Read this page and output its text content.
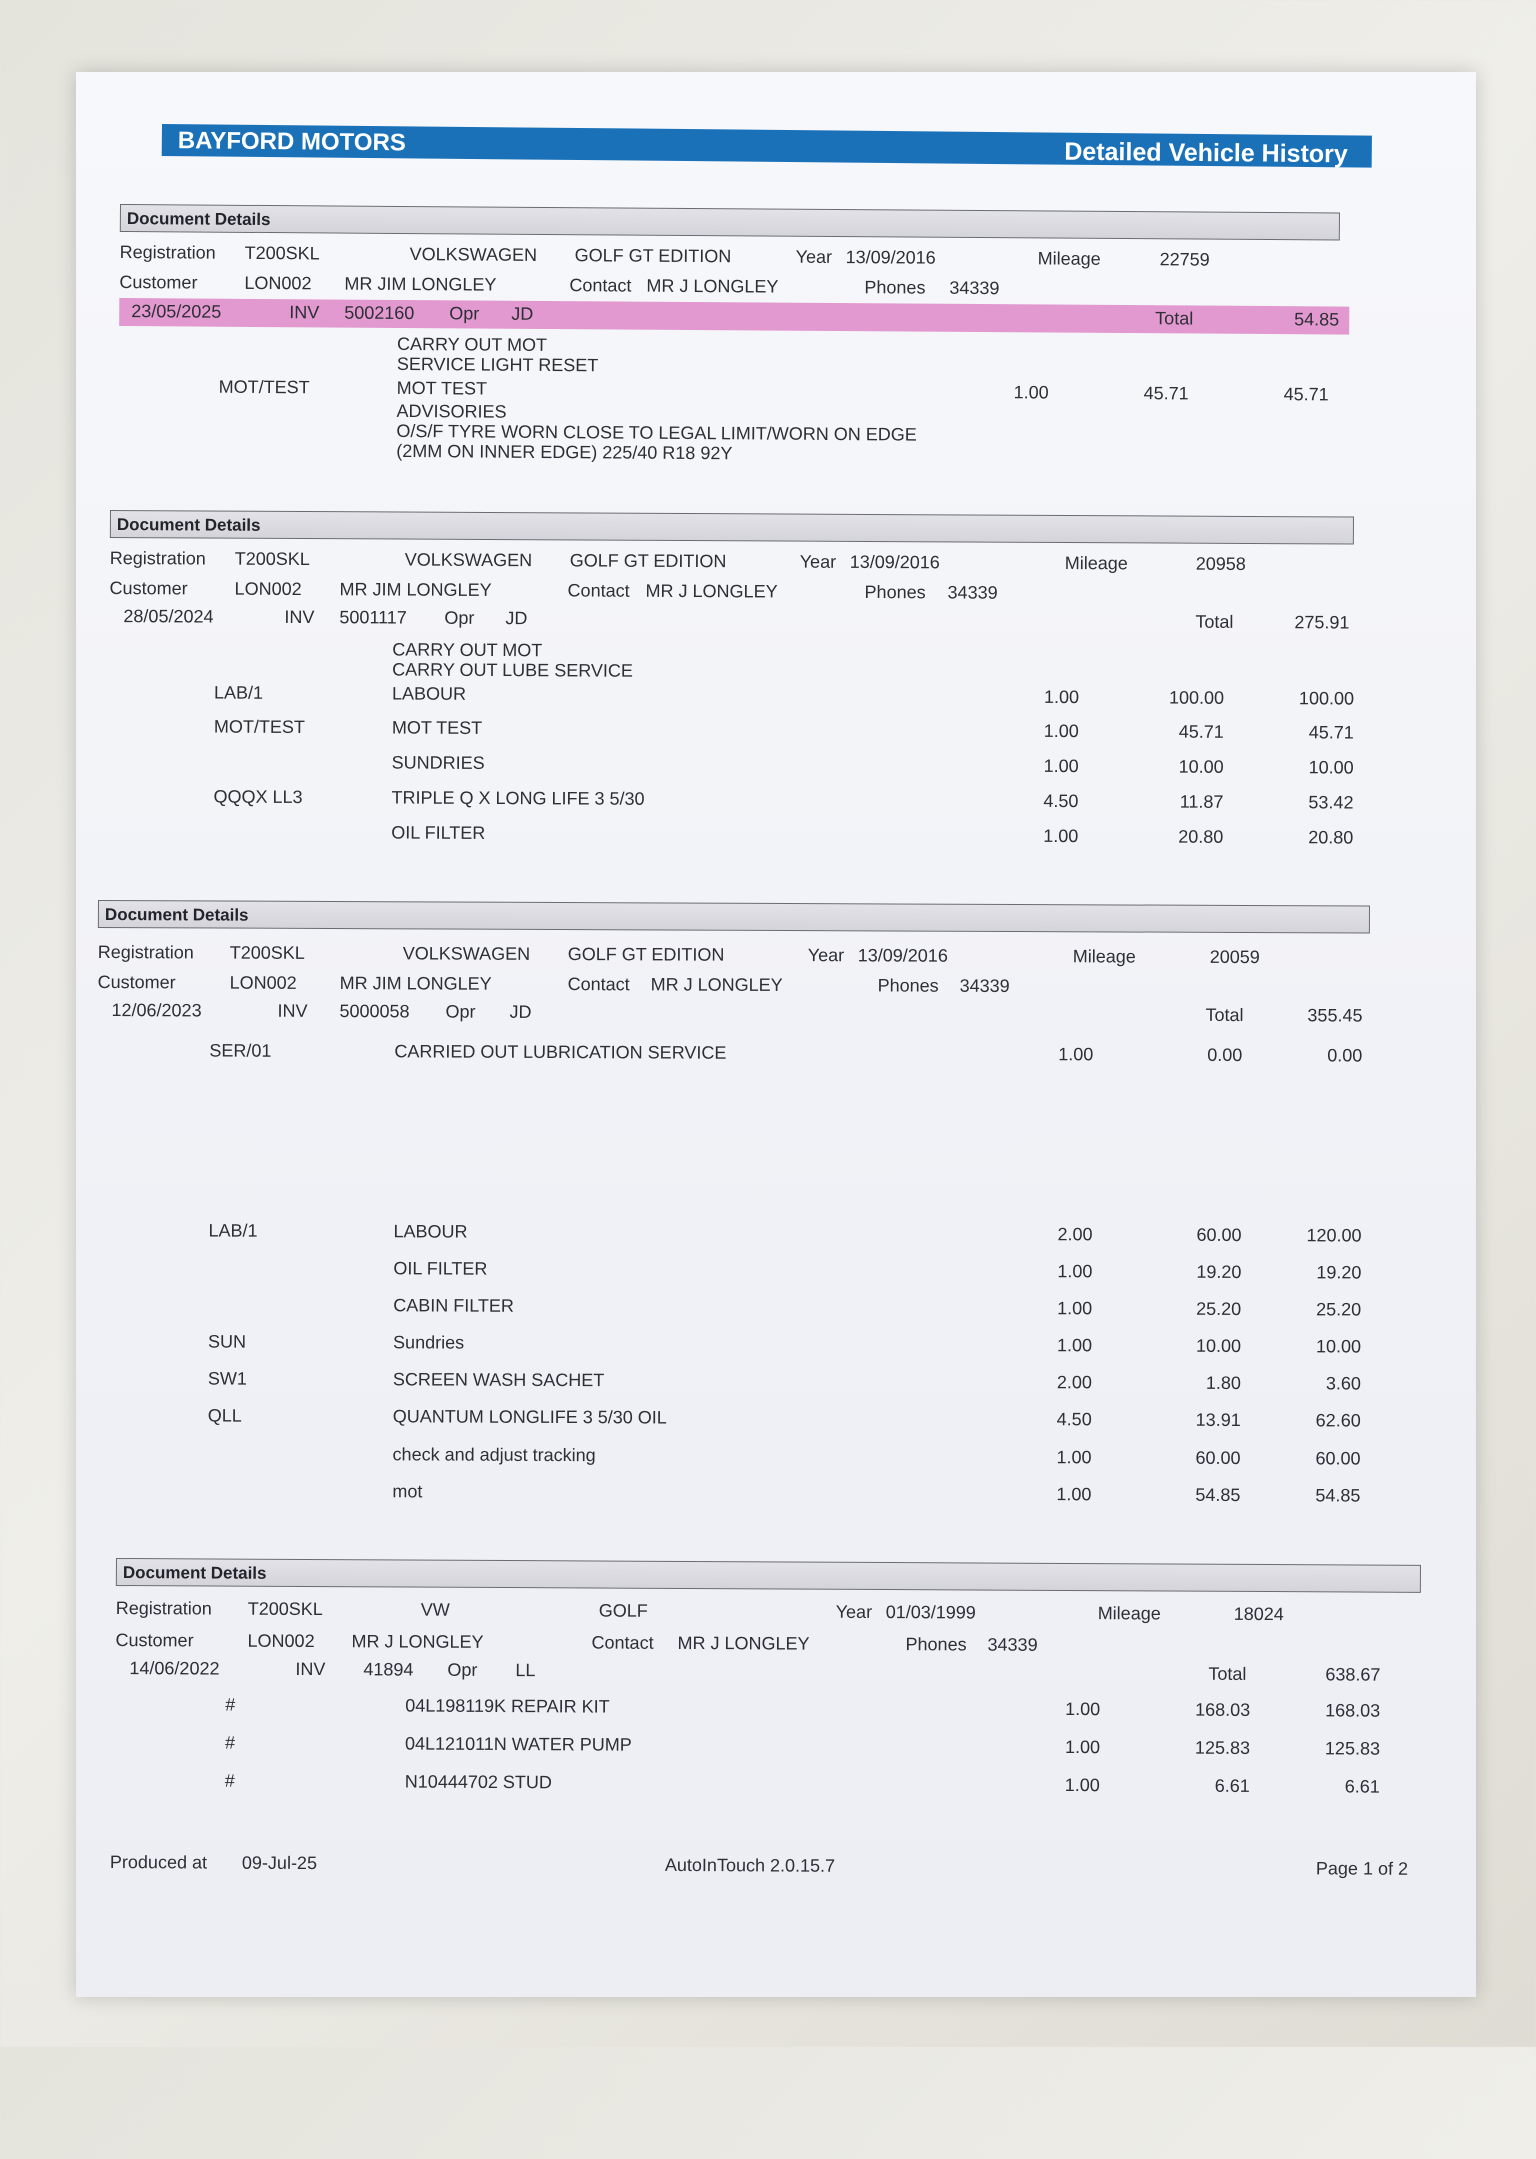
BAYFORD MOTORS	Detailed Vehicle History
Document Details
Registration T200SKL	VOLKSWAGEN GOLF GT EDITION	Year 13/09/2016	Mileage	22759
Customer	LON002 MR JIM LONGLEY	Contact MR J LONGLEY	Phones 34339
23/05/2025	INV 5002160 Opr JD	Total	54.85
CARRY OUT MOT
SERVICE LIGHT RESET
MOT/TEST	MOT TEST	1.00	45.71	45.71
ADVISORIES
O/S/F TYRE WORN CLOSE TO LEGAL LIMIT/WORN ON EDGE
(2MM ON INNER EDGE) 225/40 R18 92Y
Document Details
Registration T200SKL	VOLKSWAGEN GOLF GT EDITION	Year 13/09/2016	Mileage	20958
Customer	LON002 MR JIM LONGLEY	Contact MR J LONGLEY	Phones 34339
28/05/2024	INV 5001117 Opr JD	Total	275.91
CARRY OUT MOT
CARRY OUT LUBE SERVICE
LAB/1	LABOUR	1.00	100.00	100.00
MOT/TEST	MOT TEST	1.00	45.71	45.71
SUNDRIES	1.00	10.00	10.00
QQQX LL3	TRIPLE Q X LONG LIFE 3 5/30	4.50	11.87	53.42
OIL FILTER	1.00	20.80	20.80
Document Details
Registration T200SKL	VOLKSWAGEN GOLF GT EDITION	Year 13/09/2016	Mileage	20059
Customer	LON002 MR JIM LONGLEY	Contact MR J LONGLEY	Phones 34339
12/06/2023	INV 5000058 Opr JD	Total	355.45
SER/01	CARRIED OUT LUBRICATION SERVICE	1.00	0.00	0.00
LAB/1	LABOUR	2.00	60.00	120.00
OIL FILTER	1.00	19.20	19.20
CABIN FILTER	1.00	25.20	25.20
SUN	Sundries	1.00	10.00	10.00
SW1	SCREEN WASH SACHET	2.00	1.80	3.60
QLL	QUANTUM LONGLIFE 3 5/30 OIL	4.50	13.91	62.60
check and adjust tracking	1.00	60.00	60.00
mot	1.00	54.85	54.85
Document Details
Registration T200SKL	VW	GOLF	Year 01/03/1999	Mileage	18024
Customer	LON002 MR J LONGLEY	Contact MR J LONGLEY	Phones 34339
14/06/2022	INV 41894 Opr LL	Total	638.67
#	04L198119K REPAIR KIT	1.00	168.03	168.03
#	04L121011N WATER PUMP	1.00	125.83	125.83
#	N10444702 STUD	1.00	6.61	6.61
Produced at 09-Jul-25	AutoInTouch 2.0.15.7	Page 1 of 2
